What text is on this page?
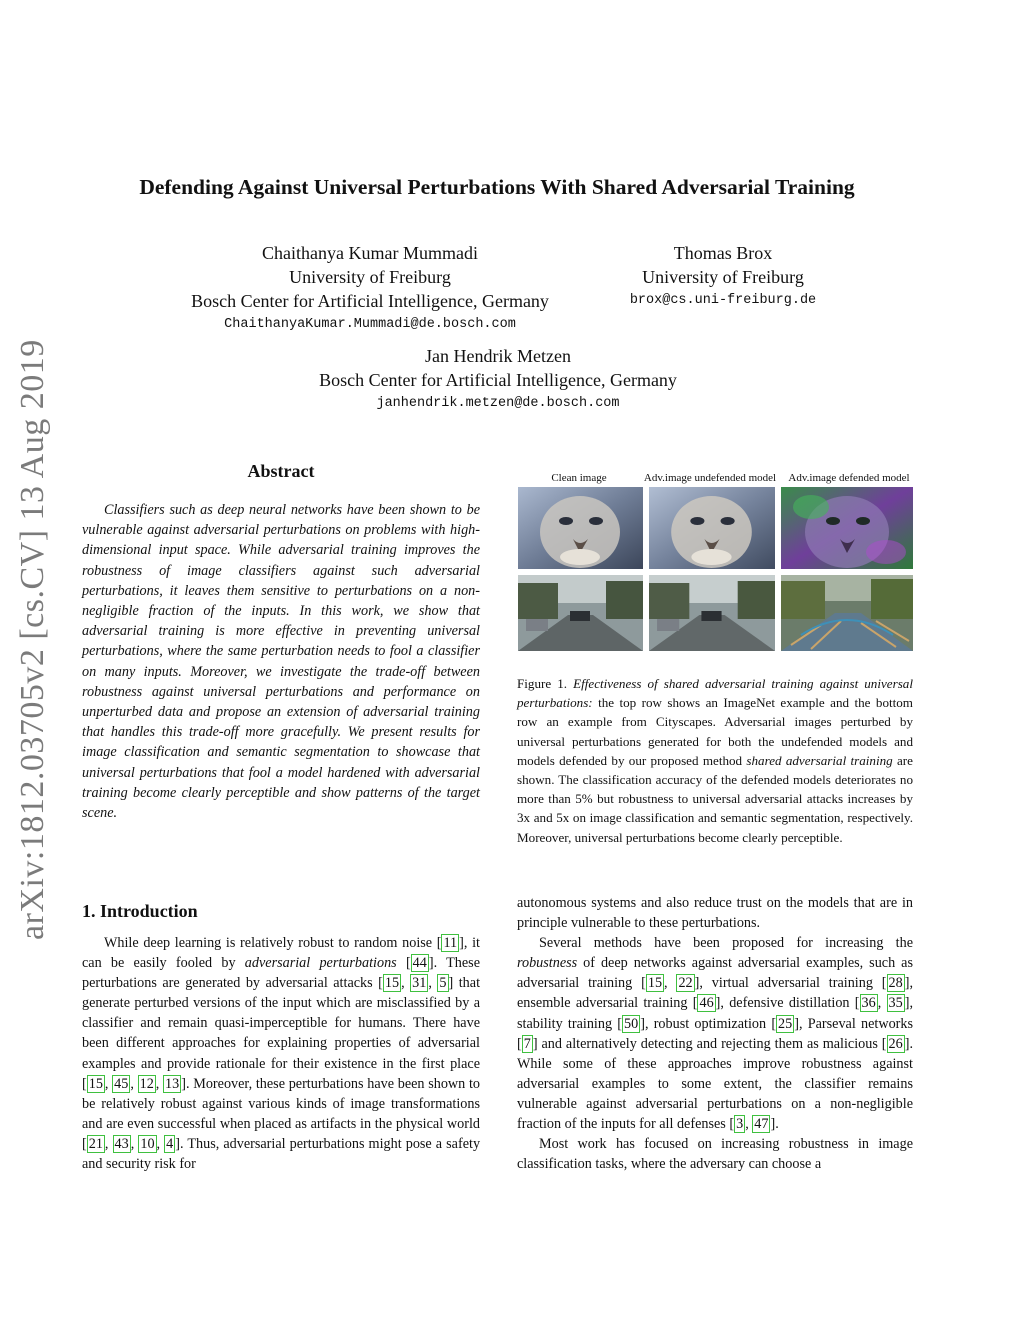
arXiv:1812.03705v2 [cs.CV] 13 Aug 2019
Defending Against Universal Perturbations With Shared Adversarial Training
Chaithanya Kumar Mummadi
University of Freiburg
Bosch Center for Artificial Intelligence, Germany
ChaithanyaKumar.Mummadi@de.bosch.com
Thomas Brox
University of Freiburg
brox@cs.uni-freiburg.de
Jan Hendrik Metzen
Bosch Center for Artificial Intelligence, Germany
janhendrik.metzen@de.bosch.com
Abstract

Classifiers such as deep neural networks have been shown to be vulnerable against adversarial perturbations on problems with high-dimensional input space. While adversarial training improves the robustness of image classifiers against such adversarial perturbations, it leaves them sensitive to perturbations on a non-negligible fraction of the inputs. In this work, we show that adversarial training is more effective in preventing universal perturbations, where the same perturbation needs to fool a classifier on many inputs. Moreover, we investigate the trade-off between robustness against universal perturbations and performance on unperturbed data and propose an extension of adversarial training that handles this trade-off more gracefully. We present results for image classification and semantic segmentation to showcase that universal perturbations that fool a model hardened with adversarial training become clearly perceptible and show patterns of the target scene.

Clean image	Adv.image undefended model	Adv.image defended model

Figure 1. Effectiveness of shared adversarial training against universal perturbations: the top row shows an ImageNet example and the bottom row an example from Cityscapes. Adversarial images perturbed by universal perturbations generated for both the undefended models and models defended by our proposed method shared adversarial training are shown. The classification accuracy of the defended models deteriorates no more than 5% but robustness to universal adversarial attacks increases by 3x and 5x on image classification and semantic segmentation, respectively. Moreover, universal perturbations become clearly perceptible.

1. Introduction

While deep learning is relatively robust to random noise [ 11 ], it can be easily fooled by adversarial perturbations [ 44 ]. These perturbations are generated by adversarial attacks [ 15 , 31 , 5 ] that generate perturbed versions of the input which are misclassified by a classifier and remain quasi-imperceptible for humans. There have been different approaches for explaining properties of adversarial examples and provide rationale for their existence in the first place [ 15 , 45 , 12 , 13 ]. Moreover, these perturbations have been shown to be relatively robust against various kinds of image transformations and are even successful when placed as artifacts in the physical world [ 21 , 43 , 10 , 4 ]. Thus, adversarial perturbations might pose a safety and security risk for

autonomous systems and also reduce trust on the models that are in principle vulnerable to these perturbations.

Several methods have been proposed for increasing the robustness of deep networks against adversarial examples, such as adversarial training [ 15 , 22 ], virtual adversarial training [ 28 ], ensemble adversarial training [ 46 ], defensive distillation [ 36 , 35 ], stability training [ 50 ], robust optimization [ 25 ], Parseval networks [ 7 ] and alternatively detecting and rejecting them as malicious [ 26 ]. While some of these approaches improve robustness against adversarial examples to some extent, the classifier remains vulnerable against adversarial perturbations on a non-negligible fraction of the inputs for all defenses [ 3 , 47 ].

Most work has focused on increasing robustness in image classification tasks, where the adversary can choose a
